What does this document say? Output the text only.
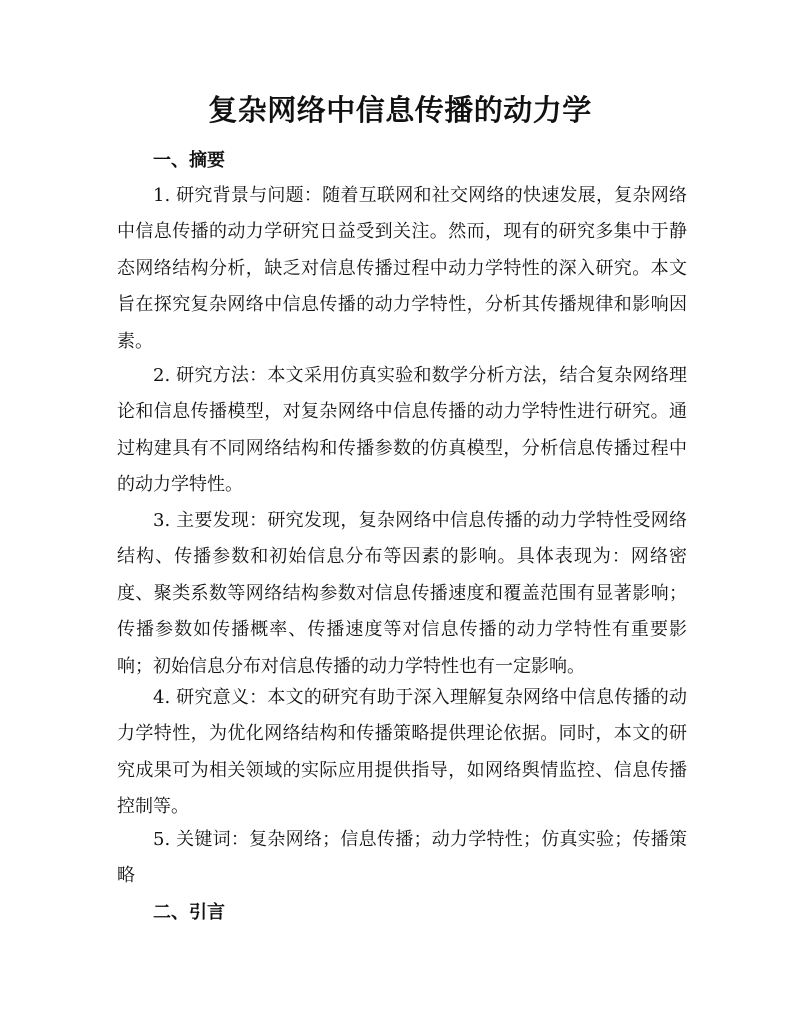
复杂网络中信息传播的动力学
一、摘要

1. 研究背景与问题：随着互联网和社交网络的快速发展，复杂网络中信息传播的动力学研究日益受到关注。然而，现有的研究多集中于静态网络结构分析，缺乏对信息传播过程中动力学特性的深入研究。本文旨在探究复杂网络中信息传播的动力学特性，分析其传播规律和影响因素。

2. 研究方法：本文采用仿真实验和数学分析方法，结合复杂网络理论和信息传播模型，对复杂网络中信息传播的动力学特性进行研究。通过构建具有不同网络结构和传播参数的仿真模型，分析信息传播过程中的动力学特性。

3. 主要发现：研究发现，复杂网络中信息传播的动力学特性受网络结构、传播参数和初始信息分布等因素的影响。具体表现为：网络密度、聚类系数等网络结构参数对信息传播速度和覆盖范围有显著影响；传播参数如传播概率、传播速度等对信息传播的动力学特性有重要影响；初始信息分布对信息传播的动力学特性也有一定影响。

4. 研究意义：本文的研究有助于深入理解复杂网络中信息传播的动力学特性，为优化网络结构和传播策略提供理论依据。同时，本文的研究成果可为相关领域的实际应用提供指导，如网络舆情监控、信息传播控制等。

5. 关键词：复杂网络；信息传播；动力学特性；仿真实验；传播策略

二、引言
